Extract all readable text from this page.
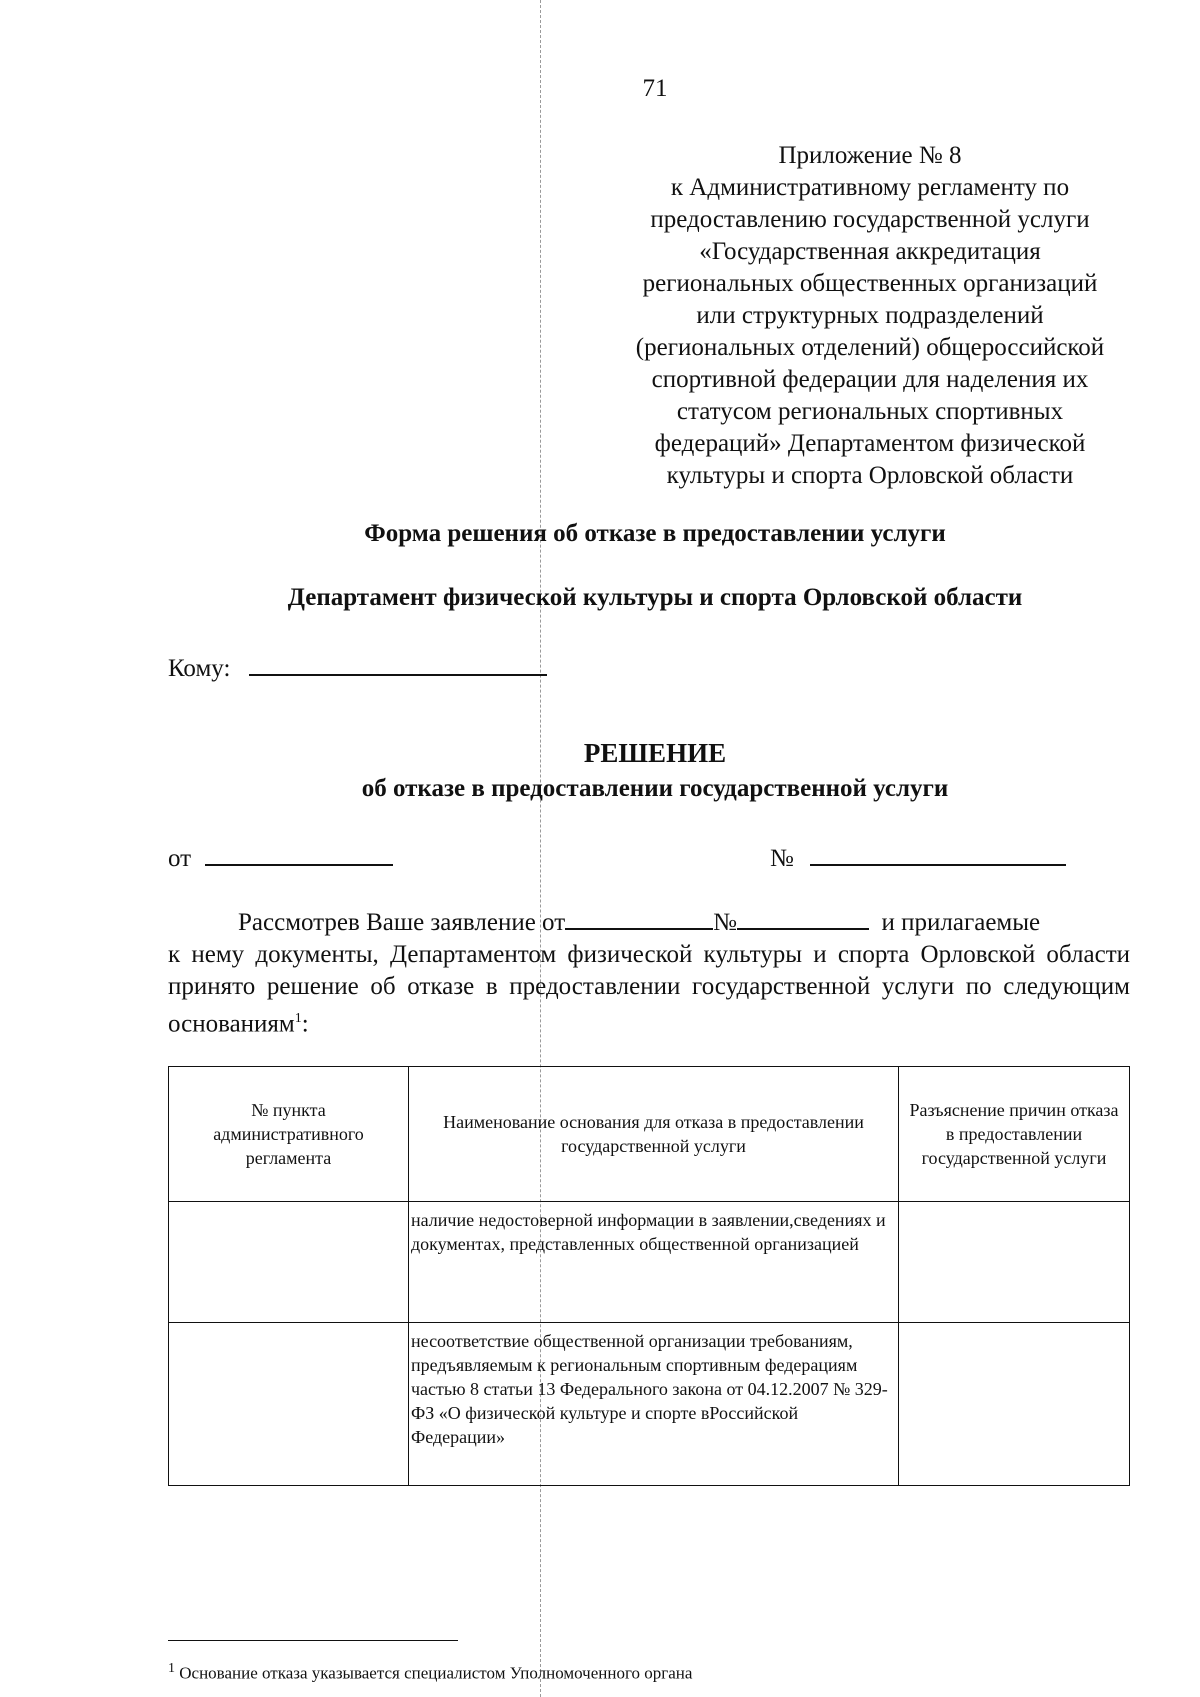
71
Приложение № 8
к Административному регламенту по
предоставлению государственной услуги
«Государственная аккредитация
региональных общественных организаций
или структурных подразделений
(региональных отделений) общероссийской
спортивной федерации для наделения их
статусом региональных спортивных
федераций» Департаментом физической
культуры и спорта Орловской области
Форма решения об отказе в предоставлении услуги
Департамент физической культуры и спорта Орловской области
Кому:
РЕШЕНИЕ
об отказе в предоставлении государственной услуги
от	№

Рассмотрев Ваше заявление от	№	и прилагаемые

к нему документы, Департаментом физической культуры и спорта Орловской области принято решение об отказе в предоставлении государственной услуги по следующим основаниям$^1$:

№ пункта административного регламента	Наименование основания для отказа в предоставлении государственной услуги	Разъяснение причин отказа в предоставлении государственной услуги
	наличие недостоверной информации в заявлении,сведениях и документах, представленных общественной организацией	
	несоответствие общественной организации требованиям, предъявляемым к региональным спортивным федерациям частью 8 статьи 13 Федерального закона от 04.12.2007 № 329-ФЗ «О физической культуре и спорте вРоссийской Федерации»	
$^1$ Основание отказа указывается специалистом Уполномоченного органа
